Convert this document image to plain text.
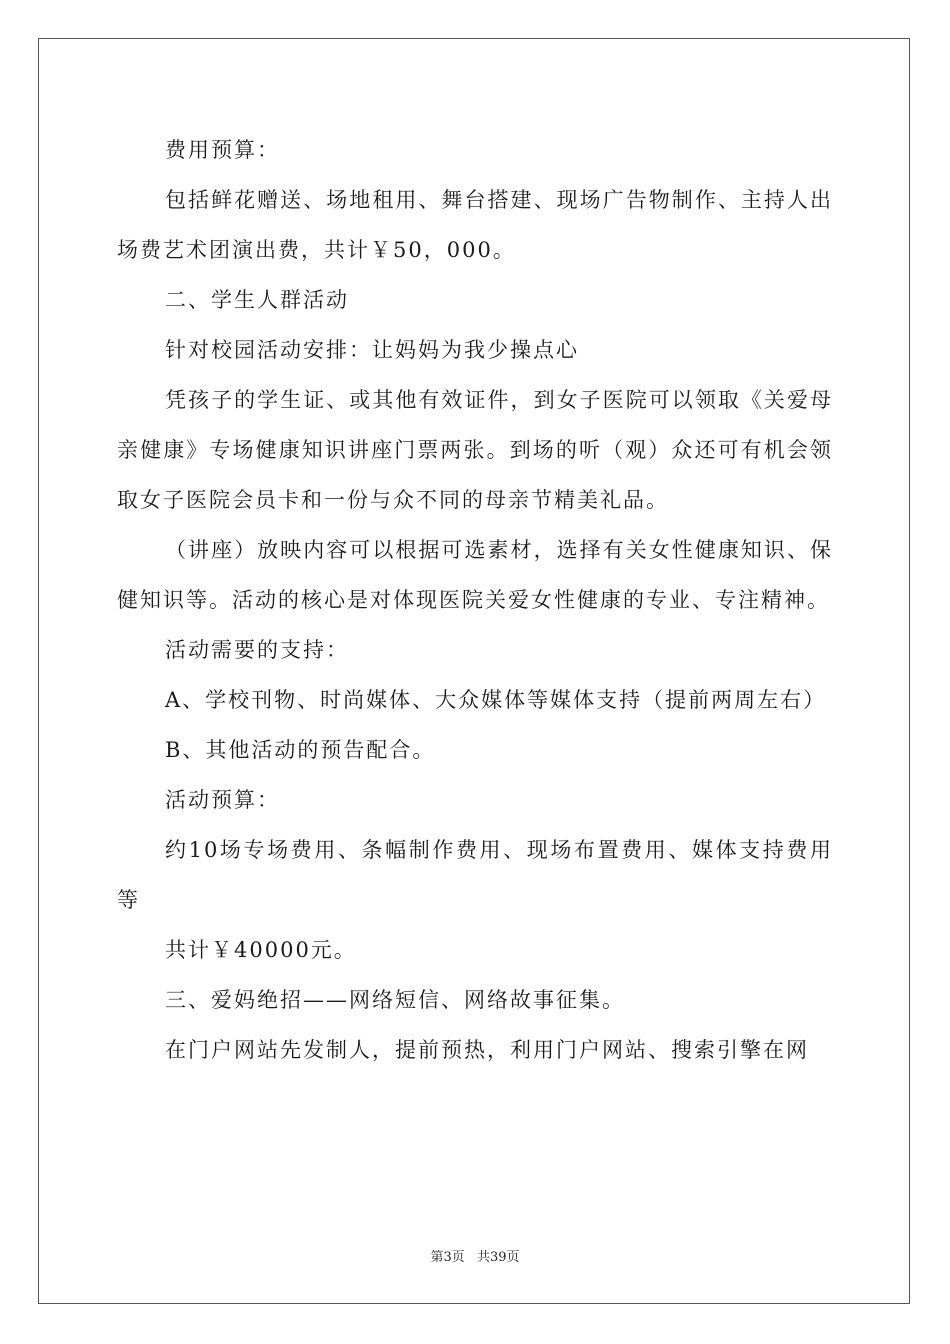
费用预算：

包括鲜花赠送、场地租用、舞台搭建、现场广告物制作、主持人出场费艺术团演出费，共计￥50，000。

二、学生人群活动

针对校园活动安排：让妈妈为我少操点心

凭孩子的学生证、或其他有效证件，到女子医院可以领取《关爱母亲健康》专场健康知识讲座门票两张。到场的听（观）众还可有机会领取女子医院会员卡和一份与众不同的母亲节精美礼品。

（讲座）放映内容可以根据可选素材，选择有关女性健康知识、保健知识等。活动的核心是对体现医院关爱女性健康的专业、专注精神。

活动需要的支持：

A、学校刊物、时尚媒体、大众媒体等媒体支持（提前两周左右）

B、其他活动的预告配合。

活动预算：

约10场专场费用、条幅制作费用、现场布置费用、媒体支持费用等

共计￥40000元。

三、爱妈绝招——网络短信、网络故事征集。

在门户网站先发制人，提前预热，利用门户网站、搜索引擎在网

第3页 共39页
